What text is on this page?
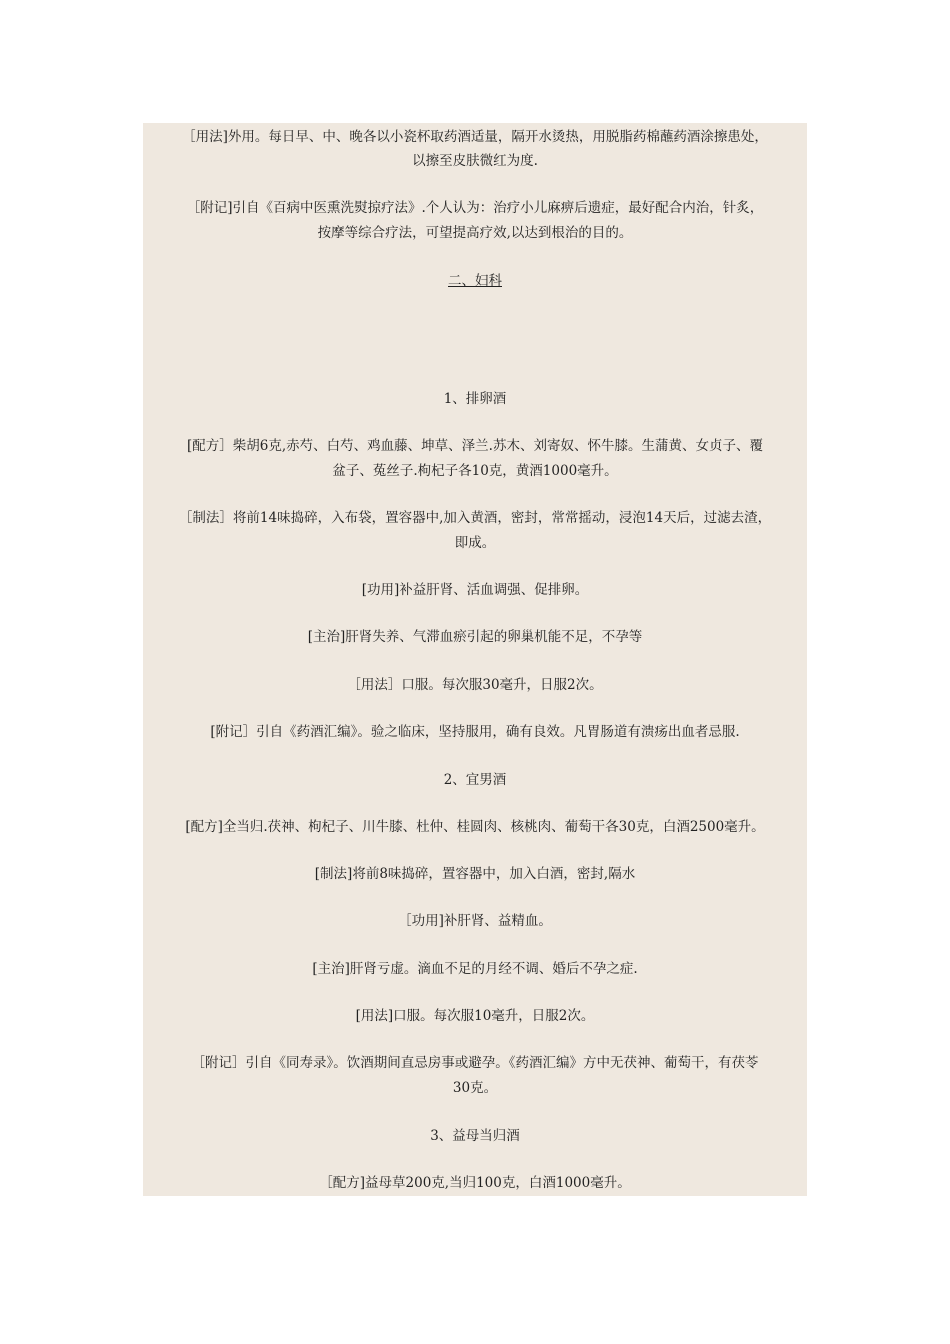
［用法]外用。每日早、中、晚各以小瓷杯取药酒适量，隔开水烫热，用脱脂药棉蘸药酒涂擦患处，
以擦至皮肤微红为度.
［附记]引自《百病中医熏洗熨掠疗法》.个人认为：治疗小儿麻痹后遗症，最好配合内治，针炙，
按摩等综合疗法，可望提高疗效,以达到根治的目的。
二、妇科
1、排卵酒
[配方］柴胡6克,赤芍、白芍、鸡血藤、坤草、泽兰.苏木、刘寄奴、怀牛膝。生蒲黄、女贞子、覆
盆子、菟丝子.枸杞子各10克，黄酒1000毫升。
［制法］将前14味捣碎，入布袋，置容器中,加入黄酒，密封，常常摇动，浸泡14天后，过滤去渣，
即成。
[功用]补益肝肾、活血调强、促排卵。
[主治]肝肾失养、气滞血瘀引起的卵巢机能不足，不孕等
［用法］口服。每次服30毫升，日服2次。
[附记］引自《药酒汇编》。验之临床，坚持服用，确有良效。凡胃肠道有溃疡出血者忌服.
2、宜男酒
[配方]全当归.茯神、枸杞子、川牛膝、杜仲、桂圆肉、核桃肉、葡萄干各30克，白酒2500毫升。
[制法]将前8味捣碎，置容器中，加入白酒，密封,隔水
［功用]补肝肾、益精血。
[主治]肝肾亏虚。滴血不足的月经不调、婚后不孕之症.
[用法]口服。每次服10毫升，日服2次。
［附记］引自《同寿录》。饮酒期间直忌房事或避孕。《药酒汇编》方中无茯神、葡萄干，有茯苓
30克。
3、益母当归酒
［配方]益母草200克,当归100克，白酒1000毫升。
